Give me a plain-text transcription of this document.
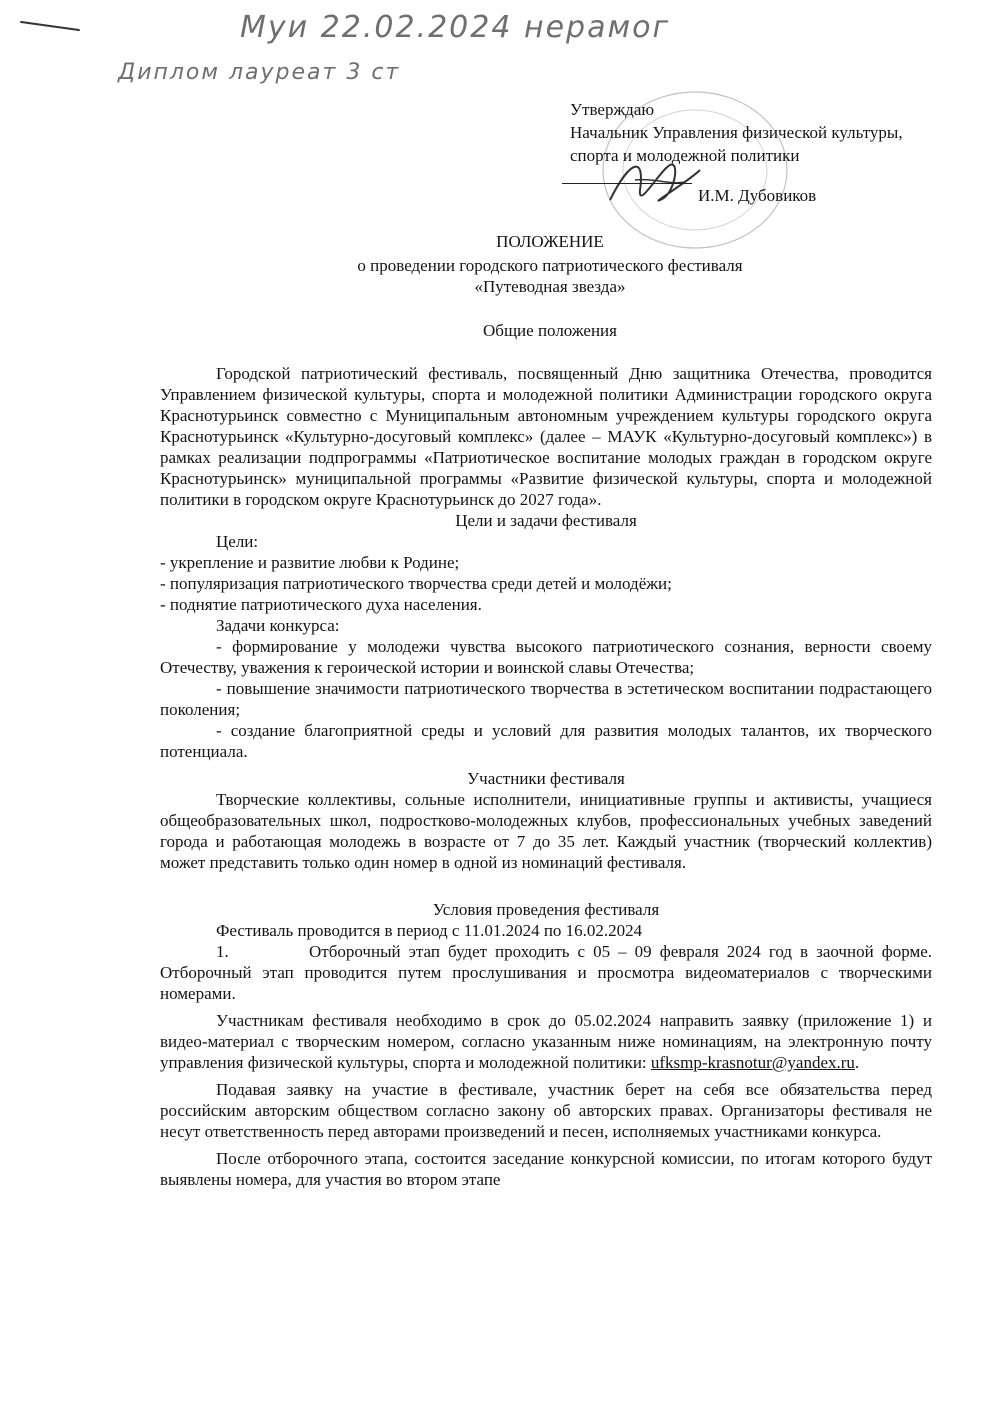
Муи 22.02.2024 нерамог
Диплом лауреат 3 ст
Утверждаю
Начальник Управления физической культуры,
спорта и молодежной политики
И.М. Дубовиков
ПОЛОЖЕНИЕ
о проведении городского патриотического фестиваля
«Путеводная звезда»
Общие положения

Городской патриотический фестиваль, посвященный Дню защитника Отечества, проводится Управлением физической культуры, спорта и молодежной политики Администрации городского округа Краснотурьинск совместно с Муниципальным автономным учреждением культуры городского округа Краснотурьинск «Культурно-досуговый комплекс» (далее – МАУК «Культурно-досуговый комплекс») в рамках реализации подпрограммы «Патриотическое воспитание молодых граждан в городском округе Краснотурьинск» муниципальной программы «Развитие физической культуры, спорта и молодежной политики в городском округе Краснотурьинск до 2027 года».

Цели и задачи фестиваля

Цели:

- укрепление и развитие любви к Родине;

- популяризация патриотического творчества среди детей и молодёжи;

- поднятие патриотического духа населения.

Задачи конкурса:

- формирование у молодежи чувства высокого патриотического сознания, верности своему Отечеству, уважения к героической истории и воинской славы Отечества;

- повышение значимости патриотического творчества в эстетическом воспитании подрастающего поколения;

- создание благоприятной среды и условий для развития молодых талантов, их творческого потенциала.

Участники фестиваля

Творческие коллективы, сольные исполнители, инициативные группы и активисты, учащиеся общеобразовательных школ, подростково-молодежных клубов, профессиональных учебных заведений города и работающая молодежь в возрасте от 7 до 35 лет. Каждый участник (творческий коллектив) может представить только один номер в одной из номинаций фестиваля.

Условия проведения фестиваля

Фестиваль проводится в период с 11.01.2024 по 16.02.2024

1.	Отборочный этап будет проходить с 05 – 09 февраля 2024 год в заочной форме. Отборочный этап проводится путем прослушивания и просмотра видеоматериалов с творческими номерами.

Участникам фестиваля необходимо в срок до 05.02.2024 направить заявку (приложение 1) и видео-материал с творческим номером, согласно указанным ниже номинациям, на электронную почту управления физической культуры, спорта и молодежной политики: ufksmp-krasnotur@yandex.ru.

Подавая заявку на участие в фестивале, участник берет на себя все обязательства перед российским авторским обществом согласно закону об авторских правах. Организаторы фестиваля не несут ответственность перед авторами произведений и песен, исполняемых участниками конкурса.

После отборочного этапа, состоится заседание конкурсной комиссии, по итогам которого будут выявлены номера, для участия во втором этапе
